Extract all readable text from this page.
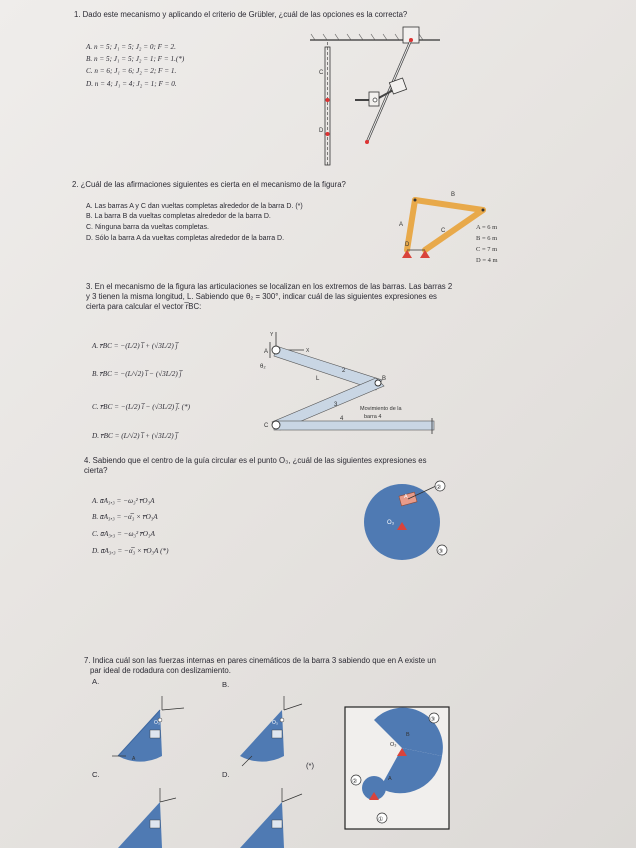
1. Dado este mecanismo y aplicando el criterio de Grübler, ¿cuál de las opciones es la correcta?
A. n = 5; J₁ = 5; J₂ = 0; F = 2.
B. n = 5; J₁ = 5; J₂ = 1; F = 1.(*)
C. n = 6; J₁ = 6; J₂ = 2; F = 1.
D. n = 4; J₁ = 4; J₂ = 1; F = 0.
C
D
2. ¿Cuál de las afirmaciones siguientes es cierta en el mecanismo de la figura?
A. Las barras A y C dan vueltas completas alrededor de la barra D. (*)
B. La barra B da vueltas completas alrededor de la barra D.
C. Ninguna barra da vueltas completas.
D. Sólo la barra A da vueltas completas alrededor de la barra D.
A
B
C
D
A = 6 m
B = 6 m
C = 7 m
D = 4 m
3. En el mecanismo de la figura las articulaciones se localizan en los extremos de las barras. Las barras 2
y 3 tienen la misma longitud, L. Sabiendo que θ₂ = 300°, indicar cuál de las siguientes expresiones es
cierta para calcular el vector r̅BC:
A. r̅BC = −(L/2) i̅ + (√3L/2) j̅
B. r̅BC = −(L/√2) i̅ − (√3L/2) j̅
C. r̅BC = −(L/2) i̅ − (√3L/2) j̅. (*)
D. r̅BC = (L/√2) i̅ + (√3L/2) j̅
A
B
C
θ₂
2
L
3
4
Y
X
Movimiento de la
barra 4
4. Sabiendo que el centro de la guía circular es el punto O₃, ¿cuál de las siguientes expresiones es
cierta?
A. a̅A₃,₃ = −ω₃² r̅O₃A
B. a̅A₃,₃ = −α̅₃ × r̅O₃A
C. a̅A₃,₃ = −ω₃² r̅O₃A
D. a̅A₃,₃ = −α̅₃ × r̅O₃A (*)
O₃
A
②
③
7. Indica cuál son las fuerzas internas en pares cinemáticos de la barra 3 sabiendo que en A existe un
par ideal de rodadura con deslizamiento.
A.	B.
C.	D.
(*)
O₃
A
O₃	③
②
①
O₃
B
A
